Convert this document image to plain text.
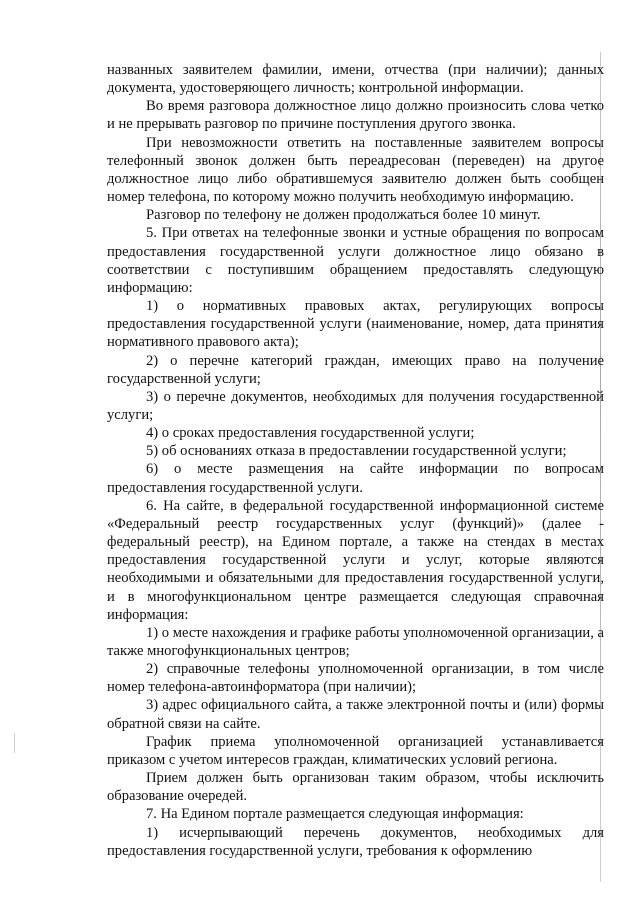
названных заявителем фамилии, имени, отчества (при наличии); данных документа, удостоверяющего личность; контрольной информации.

Во время разговора должностное лицо должно произносить слова четко и не прерывать разговор по причине поступления другого звонка.

При невозможности ответить на поставленные заявителем вопросы телефонный звонок должен быть переадресован (переведен) на другое должностное лицо либо обратившемуся заявителю должен быть сообщен номер телефона, по которому можно получить необходимую информацию.

Разговор по телефону не должен продолжаться более 10 минут.

5. При ответах на телефонные звонки и устные обращения по вопросам предоставления государственной услуги должностное лицо обязано в соответствии с поступившим обращением предоставлять следующую информацию:

1) о нормативных правовых актах, регулирующих вопросы предоставления государственной услуги (наименование, номер, дата принятия нормативного правового акта);

2) о перечне категорий граждан, имеющих право на получение государственной услуги;

3) о перечне документов, необходимых для получения государственной услуги;

4) о сроках предоставления государственной услуги;

5) об основаниях отказа в предоставлении государственной услуги;

6) о месте размещения на сайте информации по вопросам предоставления государственной услуги.

6. На сайте, в федеральной государственной информационной системе «Федеральный реестр государственных услуг (функций)» (далее - федеральный реестр), на Едином портале, а также на стендах в местах предоставления государственной услуги и услуг, которые являются необходимыми и обязательными для предоставления государственной услуги, и в многофункциональном центре размещается следующая справочная информация:

1) о месте нахождения и графике работы уполномоченной организации, а также многофункциональных центров;

2) справочные телефоны уполномоченной организации, в том числе номер телефона-автоинформатора (при наличии);

3) адрес официального сайта, а также электронной почты и (или) формы обратной связи на сайте.

График приема уполномоченной организацией устанавливается приказом с учетом интересов граждан, климатических условий региона.

Прием должен быть организован таким образом, чтобы исключить образование очередей.

7. На Едином портале размещается следующая информация:

1) исчерпывающий перечень документов, необходимых для предоставления государственной услуги, требования к оформлению
